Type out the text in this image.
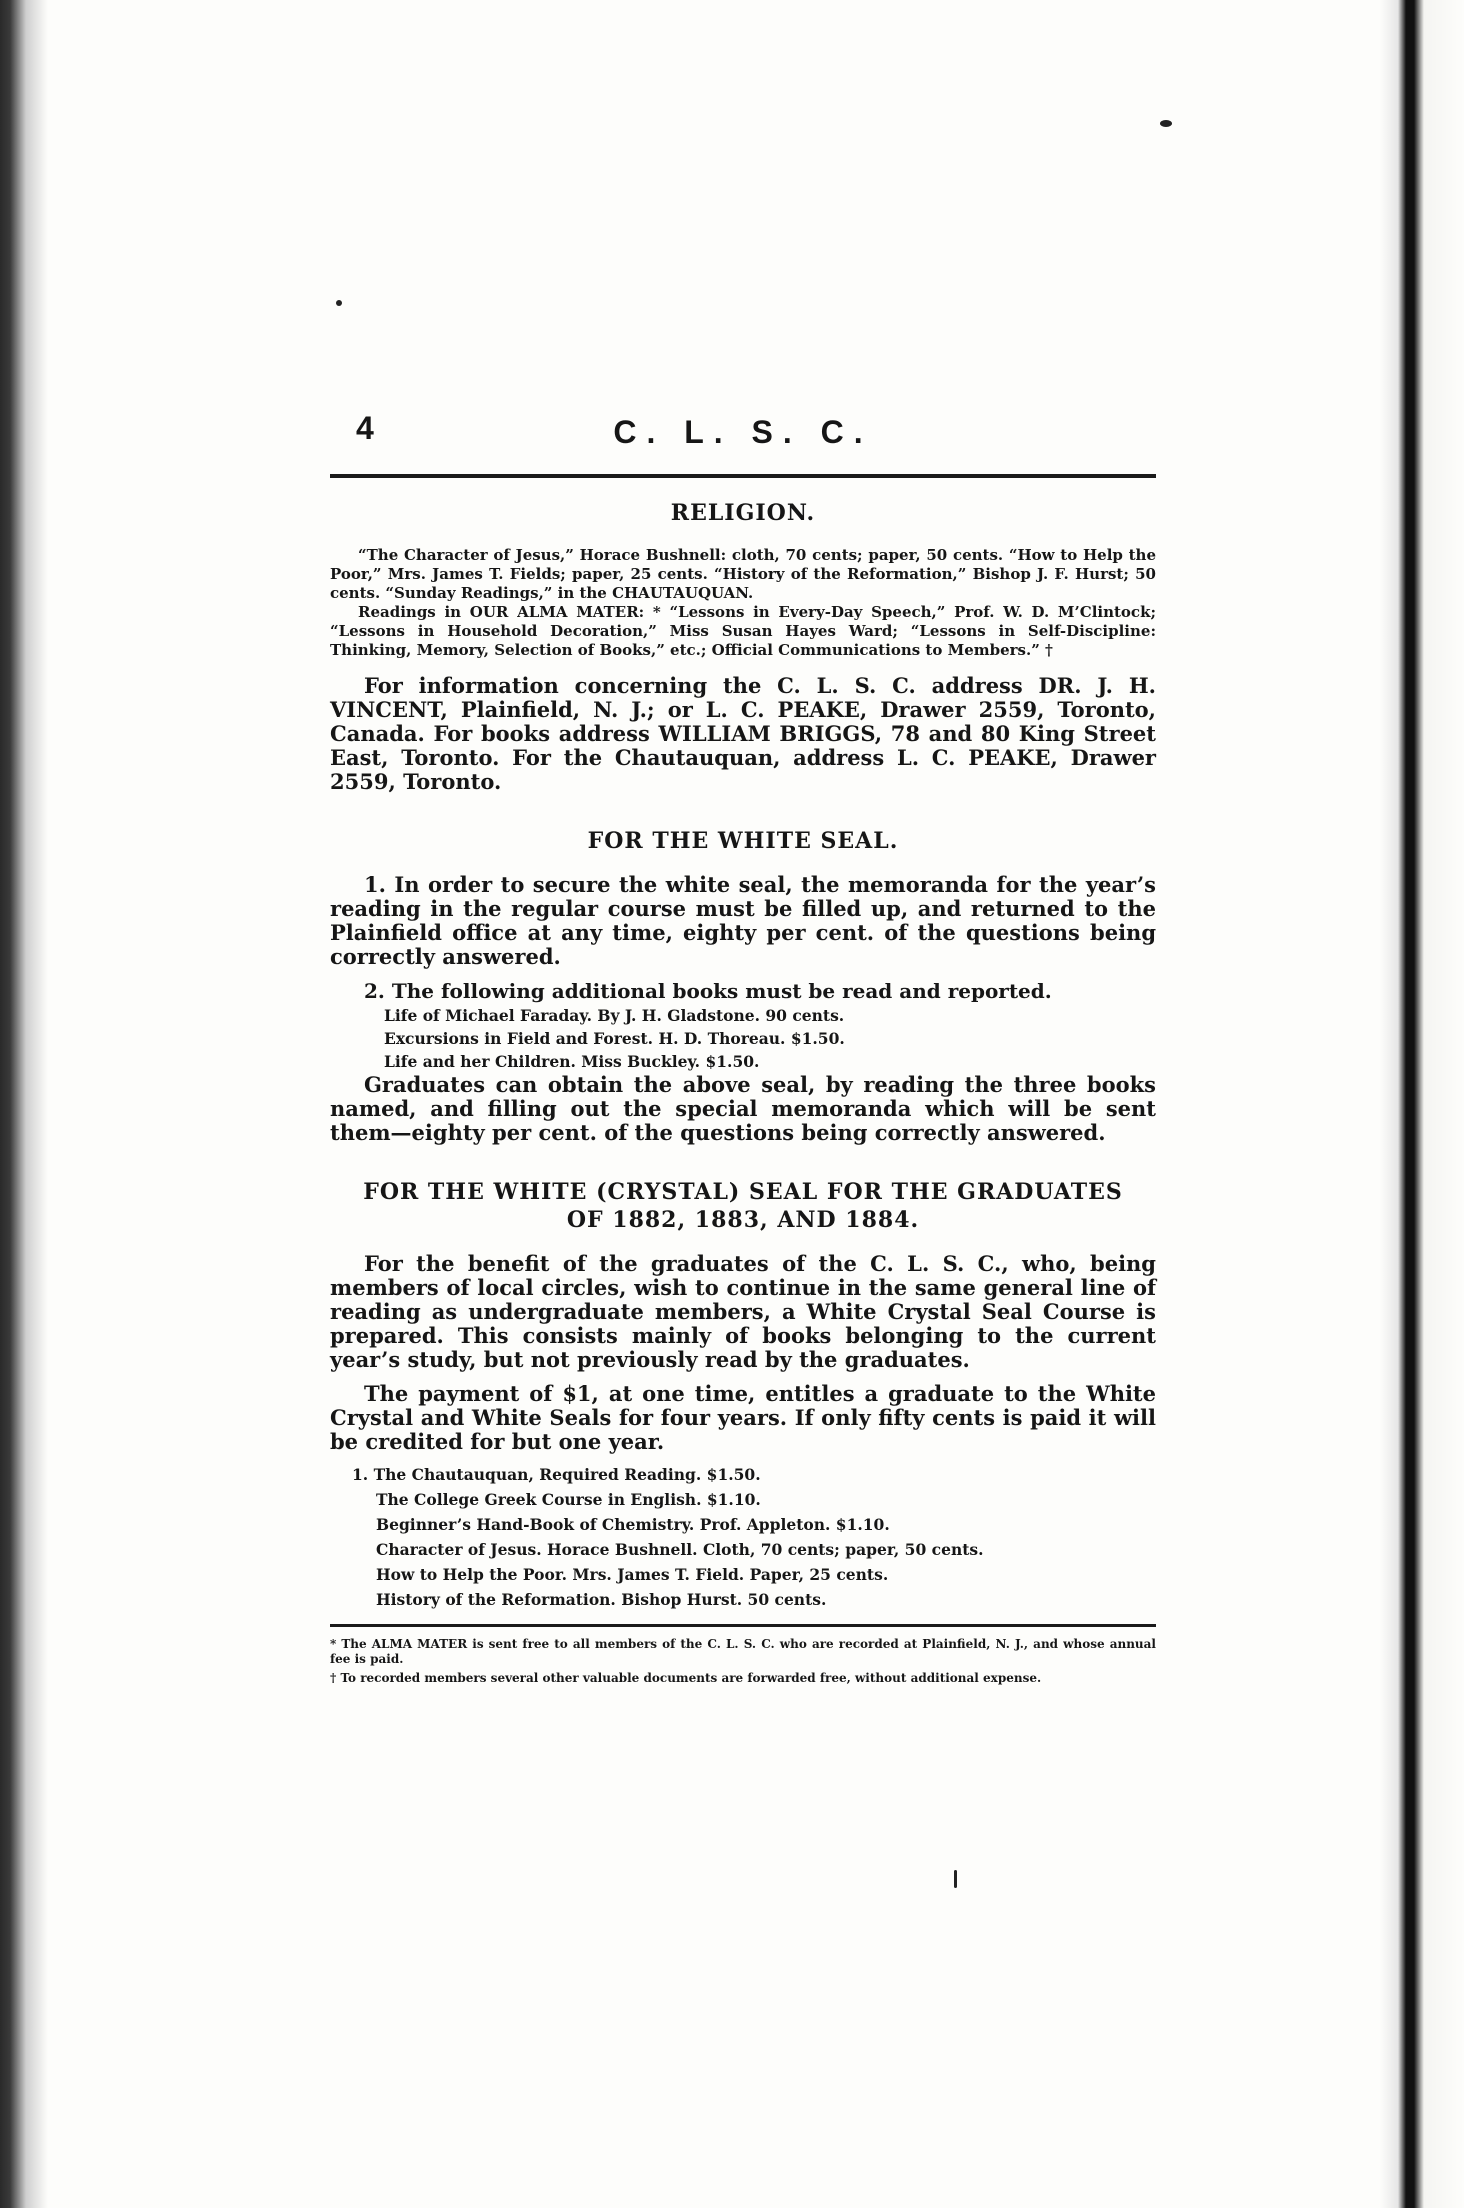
4	C. L. S. C.
RELIGION.

“The Character of Jesus,” Horace Bushnell: cloth, 70 cents; paper, 50 cents. “How to Help the Poor,” Mrs. James T. Fields; paper, 25 cents. “History of the Reformation,” Bishop J. F. Hurst; 50 cents. “Sunday Readings,” in the CHAUTAUQUAN.

Readings in OUR ALMA MATER: * “Lessons in Every-Day Speech,” Prof. W. D. M’Clintock; “Lessons in Household Decoration,” Miss Susan Hayes Ward; “Lessons in Self-Discipline: Thinking, Memory, Selection of Books,” etc.; Official Communications to Members.” †

For information concerning the C. L. S. C. address DR. J. H. VINCENT, Plainfield, N. J.; or L. C. PEAKE, Drawer 2559, Toronto, Canada. For books address WILLIAM BRIGGS, 78 and 80 King Street East, Toronto. For the Chautauquan, address L. C. PEAKE, Drawer 2559, Toronto.

FOR THE WHITE SEAL.

1. In order to secure the white seal, the memoranda for the year’s reading in the regular course must be filled up, and returned to the Plainfield office at any time, eighty per cent. of the questions being correctly answered.

2. The following additional books must be read and reported.

Life of Michael Faraday. By J. H. Gladstone. 90 cents.

Excursions in Field and Forest. H. D. Thoreau. $1.50.

Life and her Children. Miss Buckley. $1.50.

Graduates can obtain the above seal, by reading the three books named, and filling out the special memoranda which will be sent them—eighty per cent. of the questions being correctly answered.

FOR THE WHITE (CRYSTAL) SEAL FOR THE GRADUATES
OF 1882, 1883, AND 1884.

For the benefit of the graduates of the C. L. S. C., who, being members of local circles, wish to continue in the same general line of reading as undergraduate members, a White Crystal Seal Course is prepared. This consists mainly of books belonging to the current year’s study, but not previously read by the graduates.

The payment of $1, at one time, entitles a graduate to the White Crystal and White Seals for four years. If only fifty cents is paid it will be credited for but one year.

1. The Chautauquan, Required Reading. $1.50.

The College Greek Course in English. $1.10.

Beginner’s Hand-Book of Chemistry. Prof. Appleton. $1.10.

Character of Jesus. Horace Bushnell. Cloth, 70 cents; paper, 50 cents.

How to Help the Poor. Mrs. James T. Field. Paper, 25 cents.

History of the Reformation. Bishop Hurst. 50 cents.

* The ALMA MATER is sent free to all members of the C. L. S. C. who are recorded at Plainfield, N. J., and whose annual fee is paid.

† To recorded members several other valuable documents are forwarded free, without additional expense.
